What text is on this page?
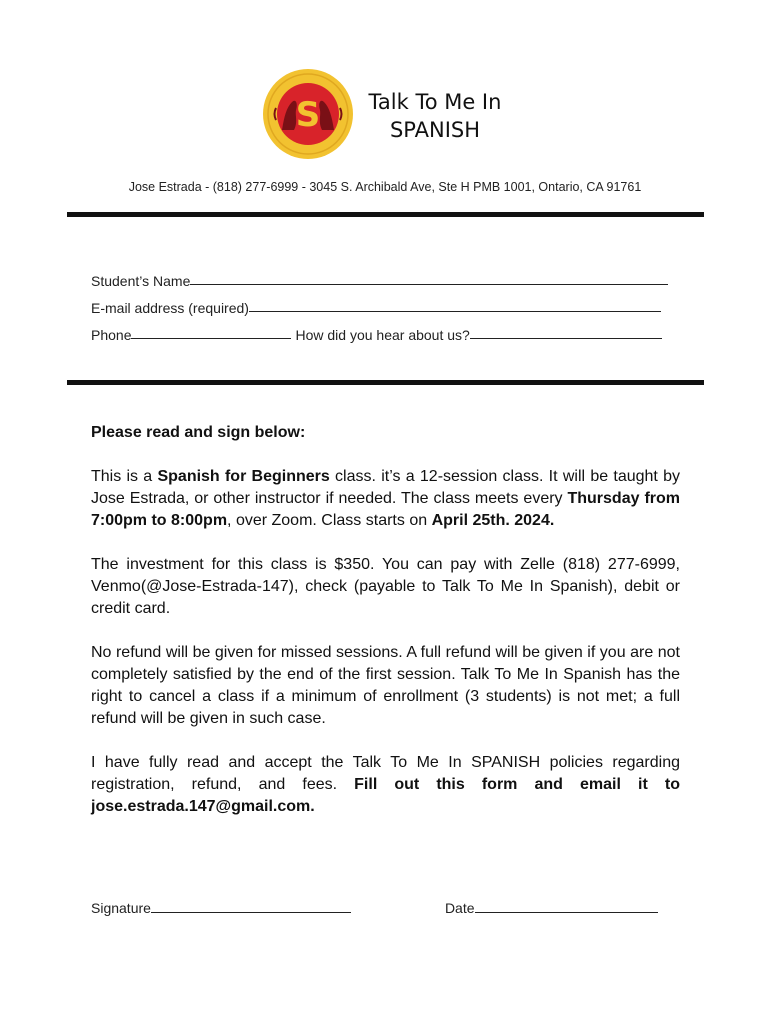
S	Talk To Me In
SPANISH
Jose Estrada - (818) 277-6999 - 3045 S. Archibald Ave, Ste H PMB 1001, Ontario, CA 91761
Student’s Name
E-mail address (required)
Phone	How did you hear about us?

Please read and sign below:

This is a Spanish for Beginners class. it’s a 12-session class. It will be taught by Jose Estrada, or other instructor if needed. The class meets every Thursday from 7:00pm to 8:00pm, over Zoom. Class starts on April 25th. 2024.

The investment for this class is $350. You can pay with Zelle (818) 277-6999, Venmo(@Jose-Estrada-147), check (payable to Talk To Me In Spanish), debit or credit card.

No refund will be given for missed sessions. A full refund will be given if you are not completely satisfied by the end of the first session. Talk To Me In Spanish has the right to cancel a class if a minimum of enrollment (3 students) is not met; a full refund will be given in such case.

I have fully read and accept the Talk To Me In SPANISH policies regarding registration, refund, and fees. Fill out this form and email it to jose.estrada.147@gmail.com.

Signature	Date
